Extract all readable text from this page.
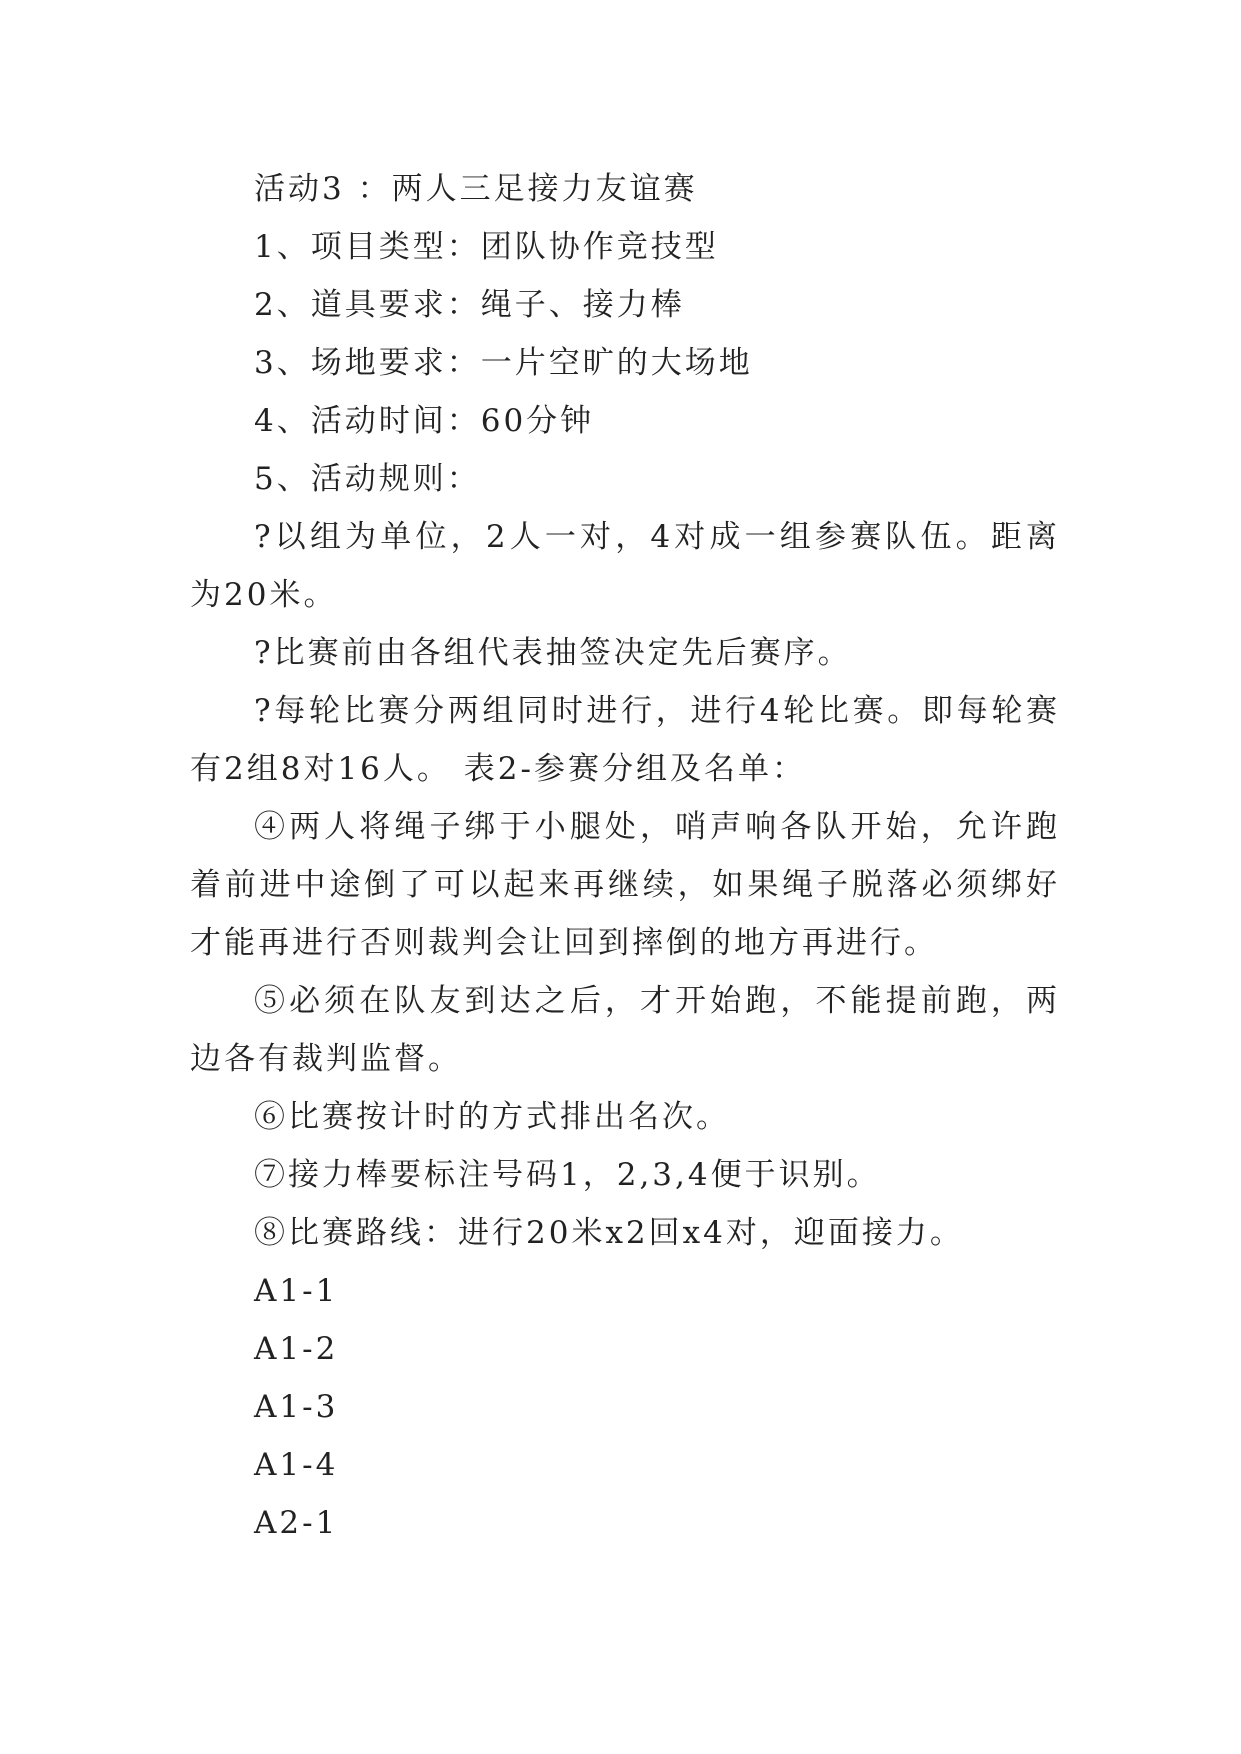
活动3 ：两人三足接力友谊赛

1、项目类型：团队协作竞技型

2、道具要求：绳子、接力棒

3、场地要求：一片空旷的大场地

4、活动时间：60分钟

5、活动规则：

?以组为单位，2人一对，4对成一组参赛队伍。距离为20米。

?比赛前由各组代表抽签决定先后赛序。

?每轮比赛分两组同时进行，进行4轮比赛。即每轮赛有2组8对16人。 表2-参赛分组及名单：

④两人将绳子绑于小腿处，哨声响各队开始，允许跑着前进中途倒了可以起来再继续，如果绳子脱落必须绑好才能再进行否则裁判会让回到摔倒的地方再进行。

⑤必须在队友到达之后，才开始跑，不能提前跑，两边各有裁判监督。

⑥比赛按计时的方式排出名次。

⑦接力棒要标注号码1，2,3,4便于识别。

⑧比赛路线：进行20米x2回x4对，迎面接力。

A1-1

A1-2

A1-3

A1-4

A2-1
